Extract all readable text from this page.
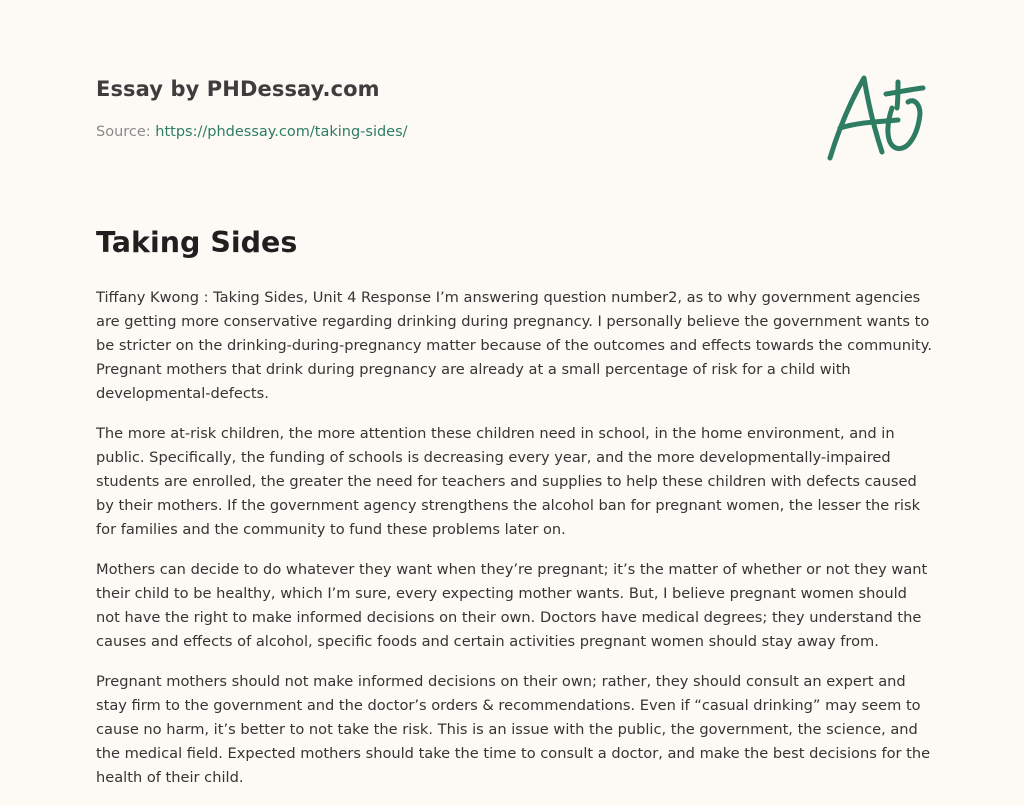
Essay by PHDessay.com
Source: https://phdessay.com/taking-sides/
Taking Sides

Tiffany Kwong : Taking Sides, Unit 4 Response I’m answering question number2, as to why government agencies are getting more conservative regarding drinking during pregnancy. I personally believe the government wants to be stricter on the drinking-during-pregnancy matter because of the outcomes and effects towards the community. Pregnant mothers that drink during pregnancy are already at a small percentage of risk for a child with developmental-defects.

The more at-risk children, the more attention these children need in school, in the home environment, and in public. Specifically, the funding of schools is decreasing every year, and the more developmentally-impaired students are enrolled, the greater the need for teachers and supplies to help these children with defects caused by their mothers. If the government agency strengthens the alcohol ban for pregnant women, the lesser the risk for families and the community to fund these problems later on.

Mothers can decide to do whatever they want when they’re pregnant; it’s the matter of whether or not they want their child to be healthy, which I’m sure, every expecting mother wants. But, I believe pregnant women should not have the right to make informed decisions on their own. Doctors have medical degrees; they understand the causes and effects of alcohol, specific foods and certain activities pregnant women should stay away from.

Pregnant mothers should not make informed decisions on their own; rather, they should consult an expert and stay firm to the government and the doctor’s orders & recommendations. Even if “casual drinking” may seem to cause no harm, it’s better to not take the risk. This is an issue with the public, the government, the science, and the medical field. Expected mothers should take the time to consult a doctor, and make the best decisions for the health of their child.
